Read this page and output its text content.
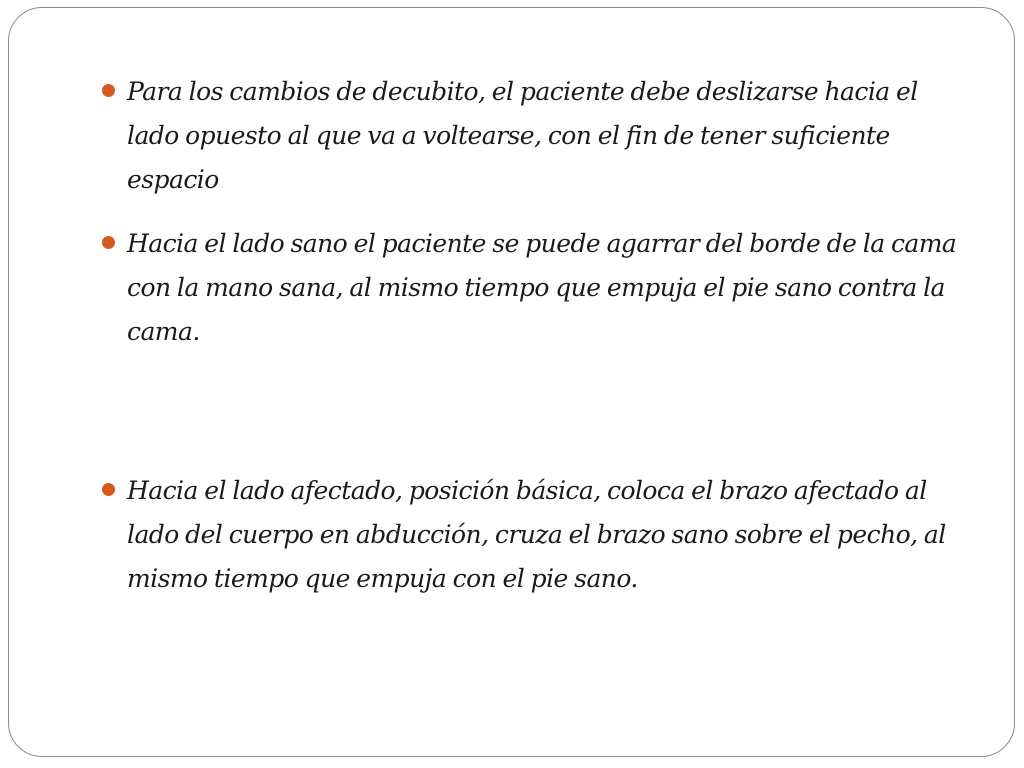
Para los cambios de decubito, el paciente debe deslizarse hacia el lado opuesto al que va a voltearse, con el fin de tener suficiente espacio

Hacia el lado sano el paciente se puede agarrar del borde de la cama con la mano sana, al mismo tiempo que empuja el pie sano contra la cama.

Hacia el lado afectado, posición básica, coloca el brazo afectado al lado del cuerpo en abducción, cruza el brazo sano sobre el pecho, al mismo tiempo que empuja con el pie sano.
